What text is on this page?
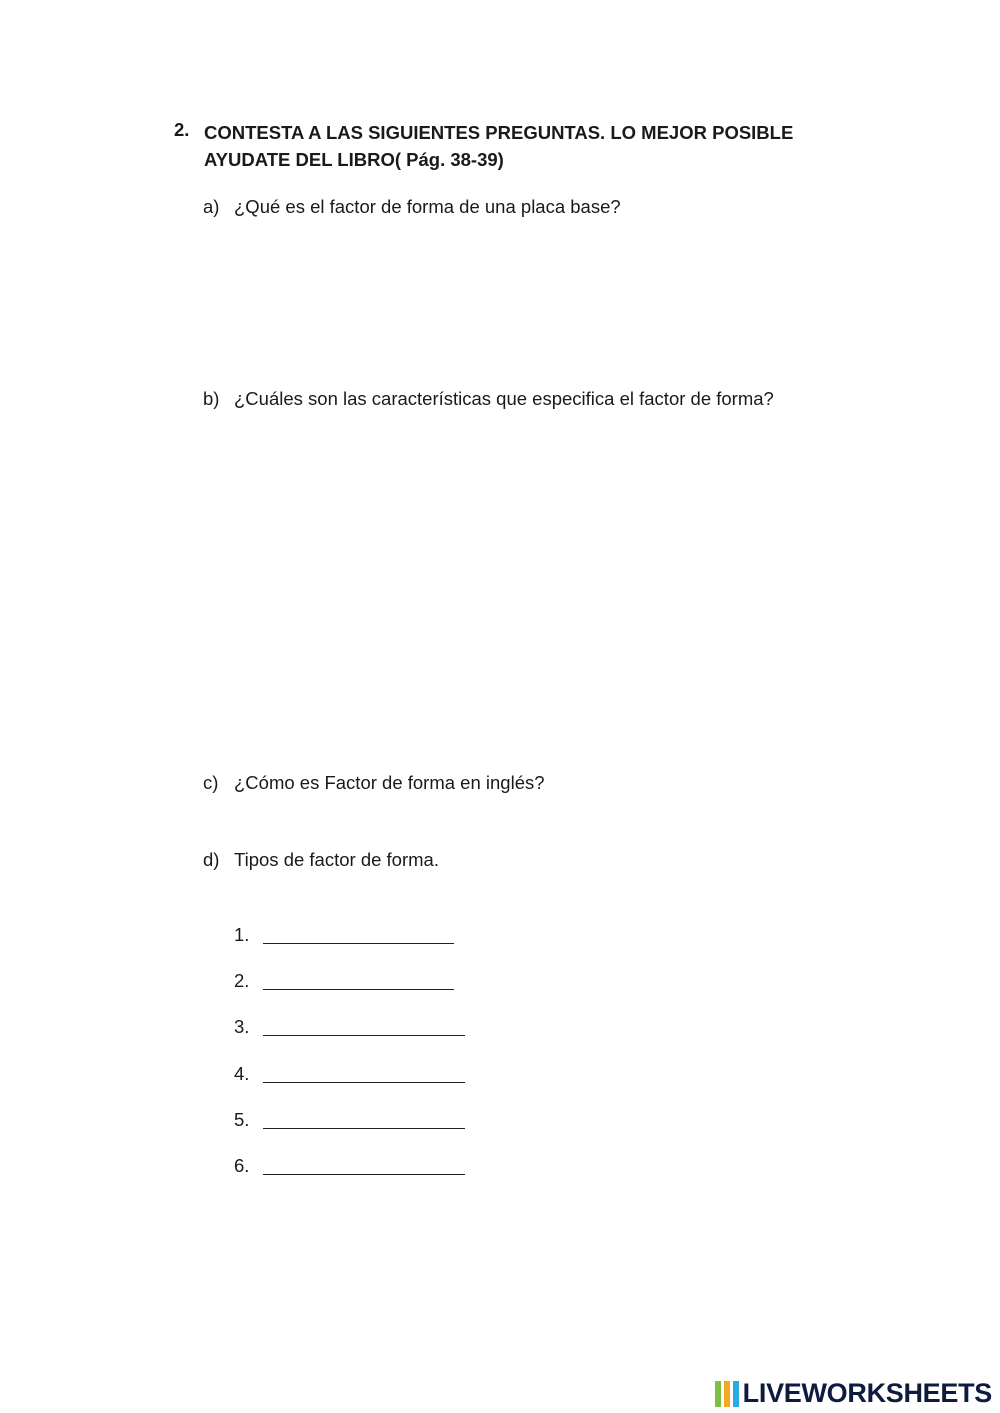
2. CONTESTA A LAS SIGUIENTES PREGUNTAS. LO MEJOR POSIBLE AYUDATE DEL LIBRO( Pág. 38-39)
a) ¿Qué es el factor de forma de una placa base?
b) ¿Cuáles son las características que especifica el factor de forma?
c) ¿Cómo es Factor de forma en inglés?
d) Tipos de factor de forma.
1.
2.
3.
4.
5.
6.
LIVEWORKSHEETS
